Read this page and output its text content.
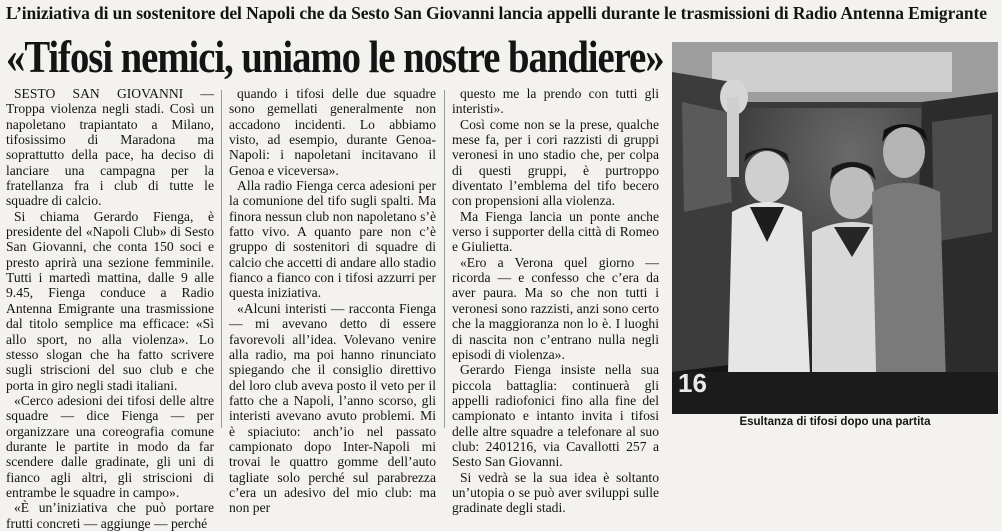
L’iniziativa di un sostenitore del Napoli che da Sesto San Giovanni lancia appelli durante le trasmissioni di Radio Antenna Emigrante
«Tifosi nemici, uniamo le nostre bandiere»

SESTO SAN GIOVANNI — Troppa violenza negli stadi. Così un napoletano trapiantato a Milano, tifosissimo di Maradona ma soprattutto della pace, ha deciso di lanciare una campagna per la fratellanza fra i club di tutte le squadre di calcio.

Si chiama Gerardo Fienga, è presidente del «Napoli Club» di Sesto San Giovanni, che conta 150 soci e presto aprirà una sezione femminile. Tutti i martedì mattina, dalle 9 alle 9.45, Fienga conduce a Radio Antenna Emigrante una trasmissione dal titolo semplice ma efficace: «Sì allo sport, no alla violenza». Lo stesso slogan che ha fatto scrivere sugli striscioni del suo club e che porta in giro negli stadi italiani.

«Cerco adesioni dei tifosi delle altre squadre — dice Fienga — per organizzare una coreografia comune durante le partite in modo da far scendere dalle gradinate, gli uni di fianco agli altri, gli striscioni di entrambe le squadre in campo».

«È un’iniziativa che può portare frutti concreti — aggiunge — perché

quando i tifosi delle due squadre sono gemellati generalmente non accadono incidenti. Lo abbiamo visto, ad esempio, durante Genoa-Napoli: i napoletani incitavano il Genoa e viceversa».

Alla radio Fienga cerca adesioni per la comunione del tifo sugli spalti. Ma finora nessun club non napoletano s’è fatto vivo. A quanto pare non c’è gruppo di sostenitori di squadre di calcio che accetti di andare allo stadio fianco a fianco con i tifosi azzurri per questa iniziativa.

«Alcuni interisti — racconta Fienga — mi avevano detto di essere favorevoli all’idea. Volevano venire alla radio, ma poi hanno rinunciato spiegando che il consiglio direttivo del loro club aveva posto il veto per il fatto che a Napoli, l’anno scorso, gli interisti avevano avuto problemi. Mi è spiaciuto: anch’io nel passato campionato dopo Inter-Napoli mi trovai le quattro gomme dell’auto tagliate solo perché sul parabrezza c’era un adesivo del mio club: ma non per

questo me la prendo con tutti gli interisti».

Così come non se la prese, qualche mese fa, per i cori razzisti di gruppi veronesi in uno stadio che, per colpa di questi gruppi, è purtroppo diventato l’emblema del tifo becero con propensioni alla violenza.

Ma Fienga lancia un ponte anche verso i supporter della città di Romeo e Giulietta.

«Ero a Verona quel giorno — ricorda — e confesso che c’era da aver paura. Ma so che non tutti i veronesi sono razzisti, anzi sono certo che la maggioranza non lo è. I luoghi di nascita non c’entrano nulla negli episodi di violenza».

Gerardo Fienga insiste nella sua piccola battaglia: continuerà gli appelli radiofonici fino alla fine del campionato e intanto invita i tifosi delle altre squadre a telefonare al suo club: 2401216, via Cavallotti 257 a Sesto San Giovanni.

Si vedrà se la sua idea è soltanto un’utopia o se può aver sviluppi sulle gradinate degli stadi.

16
Esultanza di tifosi dopo una partita
